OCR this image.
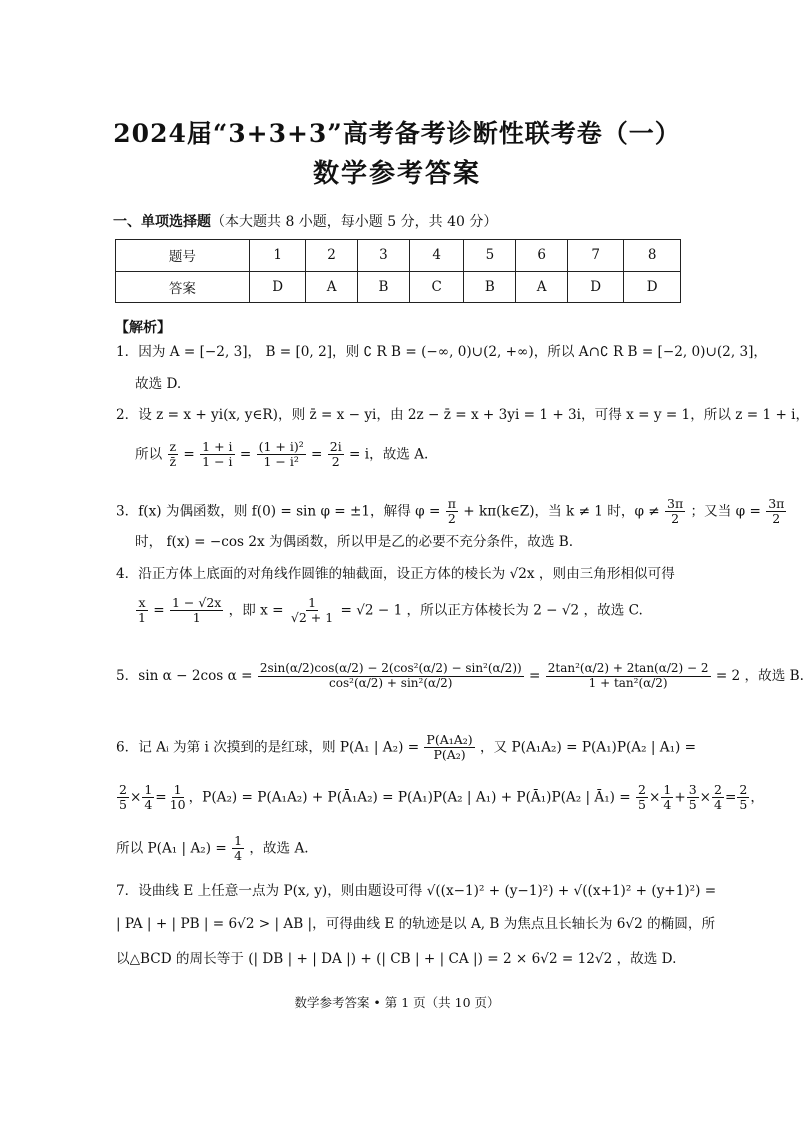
2024届“3+3+3”高考备考诊断性联考卷（一）
数学参考答案
一、单项选择题（本大题共 8 小题，每小题 5 分，共 40 分）
题号	1	2	3	4	5	6	7	8
答案	D	A	B	C	B	A	D	D
【解析】
1．因为 A = [−2, 3]， B = [0, 2]，则 ∁ R B = (−∞, 0)∪(2, +∞)，所以 A∩∁ R B = [−2, 0)∪(2, 3]，
故选 D.
2．设 z = x + yi(x, y∈R)，则 z̄ = x − yi，由 2z − z̄ = x + 3yi = 1 + 3i，可得 x = y = 1，所以 z = 1 + i，
所以 $\frac{z}{z̄} = \frac{1 + i}{1 - i} = \frac{\text{(1 + i)²}}{\text{1 − i²}} = \frac{2i}{2} = i$，故选 A.
3．f(x) 为偶函数，则 f(0) = sin φ = ±1，解得 $\varphi = \frac{\pi}{2}$ + kπ(k∈Z)，当 k ≠ 1 时，$\varphi \ne \frac{3\pi}{2}$ ；又当 $\varphi = \frac{3\pi}{2}$
时， f(x) = −cos 2x 为偶函数，所以甲是乙的必要不充分条件，故选 B.
4．沿正方体上底面的对角线作圆锥的轴截面，设正方体的棱长为 √2x ，则由三角形相似可得
$\frac{x}{1} = \frac{1 - √2x}{1}$ ，即 $x = \frac{1}{√2 + 1} = √2 - 1$ ，所以正方体棱长为 2 − √2 ，故选 C.
5．sin α − 2cos $\alpha = \frac{\text{2sin(α/2)cos(α/2) − 2(cos²(α/2) − sin²(α/2))}}{\text{cos²(α/2) + sin²(α/2)}} = \frac{\text{2tan²(α/2) + 2tan(α/2) − 2}}{\text{1 + tan²(α/2)}} = 2$ ，故选 B.
6．记 Aᵢ 为第 i 次摸到的是红球，则 P(A₁ | $A_2) = \frac{\text{P(A₁A₂)}}{\text{P(A₂)}}$ ，又 P(A₁A₂) = P(A₁)P(A₂ | A₁) =
$\frac{2}{5} \times \frac{1}{4} = \frac{1}{10}$ ，P(A₂) = P(A₁A₂) + P(Ā₁A₂) = P(A₁)P(A₂ | A₁) + P(Ā₁)P(A₂ | Ā₁) = $\frac{2}{5} \times \frac{1}{4} + \frac{3}{5} \times \frac{2}{4} = \frac{2}{5}$ ，
所以 P(A₁ | $A_2) = \frac{1}{4}$ ，故选 A.
7．设曲线 E 上任意一点为 P(x, y)，则由题设可得 √((x−1)² + (y−1)²) + √((x+1)² + (y+1)²) =
| PA | + | PB | = 6√2 > | AB |，可得曲线 E 的轨迹是以 A, B 为焦点且长轴长为 6√2 的椭圆，所
以△BCD 的周长等于 (| DB | + | DA |) + (| CB | + | CA |) = 2 × 6√2 = 12√2 ，故选 D.
数学参考答案 • 第 1 页（共 10 页）
